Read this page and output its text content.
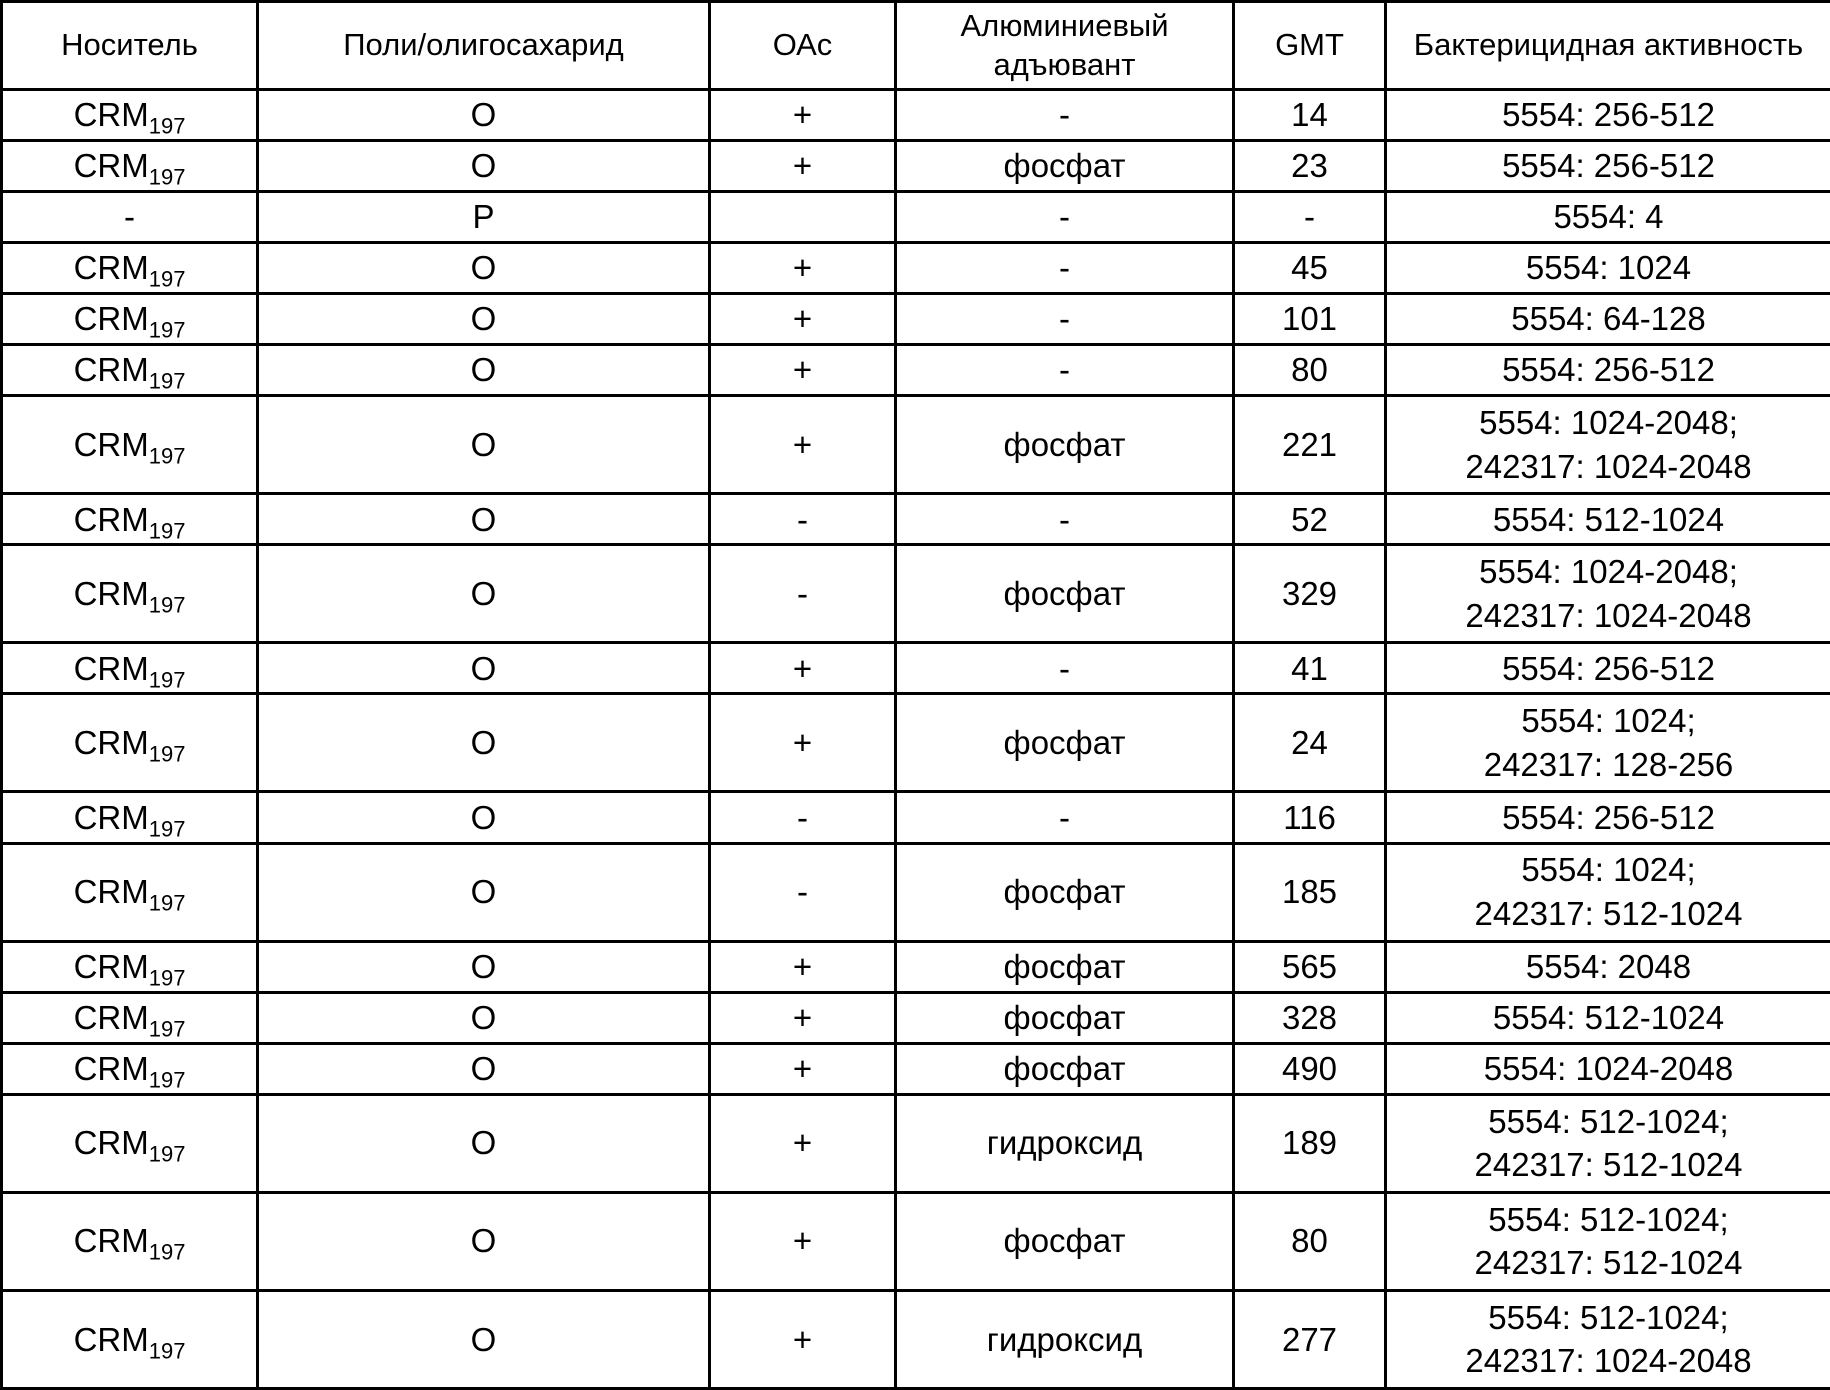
Носитель	Поли/олигосахарид	ОАс	Алюминиевый адъювант	GMT	Бактерицидная активность
$CRM_{197}$	О	+	-	14	5554: 256-512
$CRM_{197}$	О	+	фосфат	23	5554: 256-512
-	Р		-	-	5554: 4
$CRM_{197}$	О	+	-	45	5554: 1024
$CRM_{197}$	О	+	-	101	5554: 64-128
$CRM_{197}$	О	+	-	80	5554: 256-512
$CRM_{197}$	О	+	фосфат	221	5554: 1024-2048;
242317: 1024-2048
$CRM_{197}$	О	-	-	52	5554: 512-1024
$CRM_{197}$	О	-	фосфат	329	5554: 1024-2048;
242317: 1024-2048
$CRM_{197}$	О	+	-	41	5554: 256-512
$CRM_{197}$	О	+	фосфат	24	5554: 1024;
242317: 128-256
$CRM_{197}$	О	-	-	116	5554: 256-512
$CRM_{197}$	О	-	фосфат	185	5554: 1024;
242317: 512-1024
$CRM_{197}$	О	+	фосфат	565	5554: 2048
$CRM_{197}$	О	+	фосфат	328	5554: 512-1024
$CRM_{197}$	О	+	фосфат	490	5554: 1024-2048
$CRM_{197}$	О	+	гидроксид	189	5554: 512-1024;
242317: 512-1024
$CRM_{197}$	О	+	фосфат	80	5554: 512-1024;
242317: 512-1024
$CRM_{197}$	О	+	гидроксид	277	5554: 512-1024;
242317: 1024-2048
